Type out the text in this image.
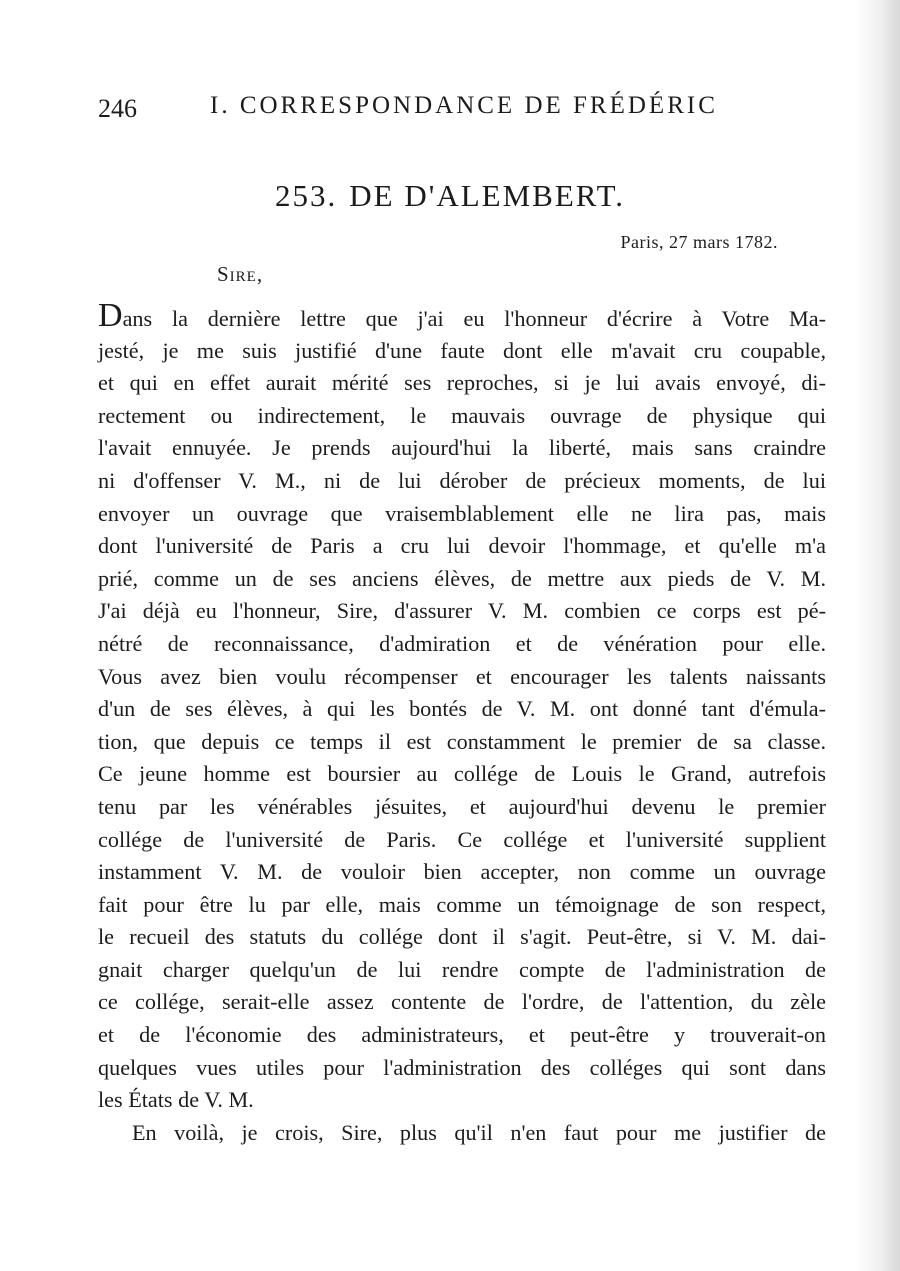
246	I. CORRESPONDANCE DE FRÉDÉRIC
253. DE D'ALEMBERT.
Paris, 27 mars 1782.
Sire,
Dans la dernière lettre que j'ai eu l'honneur d'écrire à Votre Ma-
jesté, je me suis justifié d'une faute dont elle m'avait cru coupable,
et qui en effet aurait mérité ses reproches, si je lui avais envoyé, di-
rectement ou indirectement, le mauvais ouvrage de physique qui
l'avait ennuyée. Je prends aujourd'hui la liberté, mais sans craindre
ni d'offenser V. M., ni de lui dérober de précieux moments, de lui
envoyer un ouvrage que vraisemblablement elle ne lira pas, mais
dont l'université de Paris a cru lui devoir l'hommage, et qu'elle m'a
prié, comme un de ses anciens élèves, de mettre aux pieds de V. M.
J'ai déjà eu l'honneur, Sire, d'assurer V. M. combien ce corps est pé-
nétré de reconnaissance, d'admiration et de vénération pour elle.
Vous avez bien voulu récompenser et encourager les talents naissants
d'un de ses élèves, à qui les bontés de V. M. ont donné tant d'émula-
tion, que depuis ce temps il est constamment le premier de sa classe.
Ce jeune homme est boursier au collége de Louis le Grand, autrefois
tenu par les vénérables jésuites, et aujourd'hui devenu le premier
collége de l'université de Paris. Ce collége et l'université supplient
instamment V. M. de vouloir bien accepter, non comme un ouvrage
fait pour être lu par elle, mais comme un témoignage de son respect,
le recueil des statuts du collége dont il s'agit. Peut-être, si V. M. dai-
gnait charger quelqu'un de lui rendre compte de l'administration de
ce collége, serait-elle assez contente de l'ordre, de l'attention, du zèle
et de l'économie des administrateurs, et peut-être y trouverait-on
quelques vues utiles pour l'administration des colléges qui sont dans
les États de V. M.
En voilà, je crois, Sire, plus qu'il n'en faut pour me justifier de
